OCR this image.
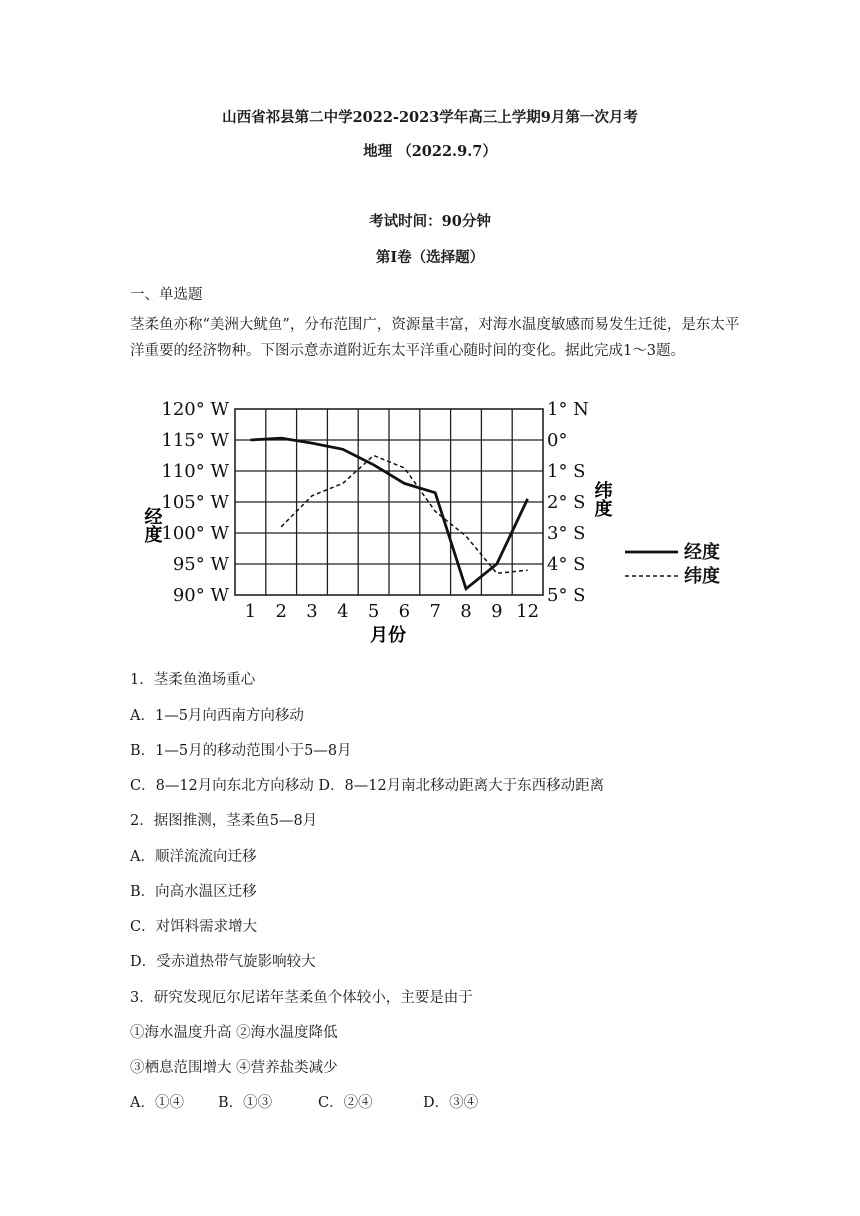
山西省祁县第二中学2022-2023学年高三上学期9月第一次月考
地理 （2022.9.7）
考试时间：90分钟
第Ⅰ卷（选择题）
一、单选题
茎柔鱼亦称“美洲大鱿鱼”，分布范围广，资源量丰富，对海水温度敏感而易发生迁徙，是东太平洋重要的经济物种。下图示意赤道附近东太平洋重心随时间的变化。据此完成1～3题。
120° W
115° W
110° W
105° W
100° W
95° W
90° W
1° N
0°
1° S
2° S
3° S
4° S
5° S
1 2 3 4 5 6 7 8 9 12
经度
纬度
经度
纬度
月份
1．茎柔鱼渔场重心
A．1—5月向西南方向移动
B．1—5月的移动范围小于5—8月
C．8—12月向东北方向移动 D．8—12月南北移动距离大于东西移动距离
2．据图推测，茎柔鱼5—8月
A．顺洋流流向迁移
B．向高水温区迁移
C．对饵料需求增大
D．受赤道热带气旋影响较大
3．研究发现厄尔尼诺年茎柔鱼个体较小，主要是由于
①海水温度升高 ②海水温度降低
③栖息范围增大 ④营养盐类减少
A．①④ B．①③	C．②④	D．③④
